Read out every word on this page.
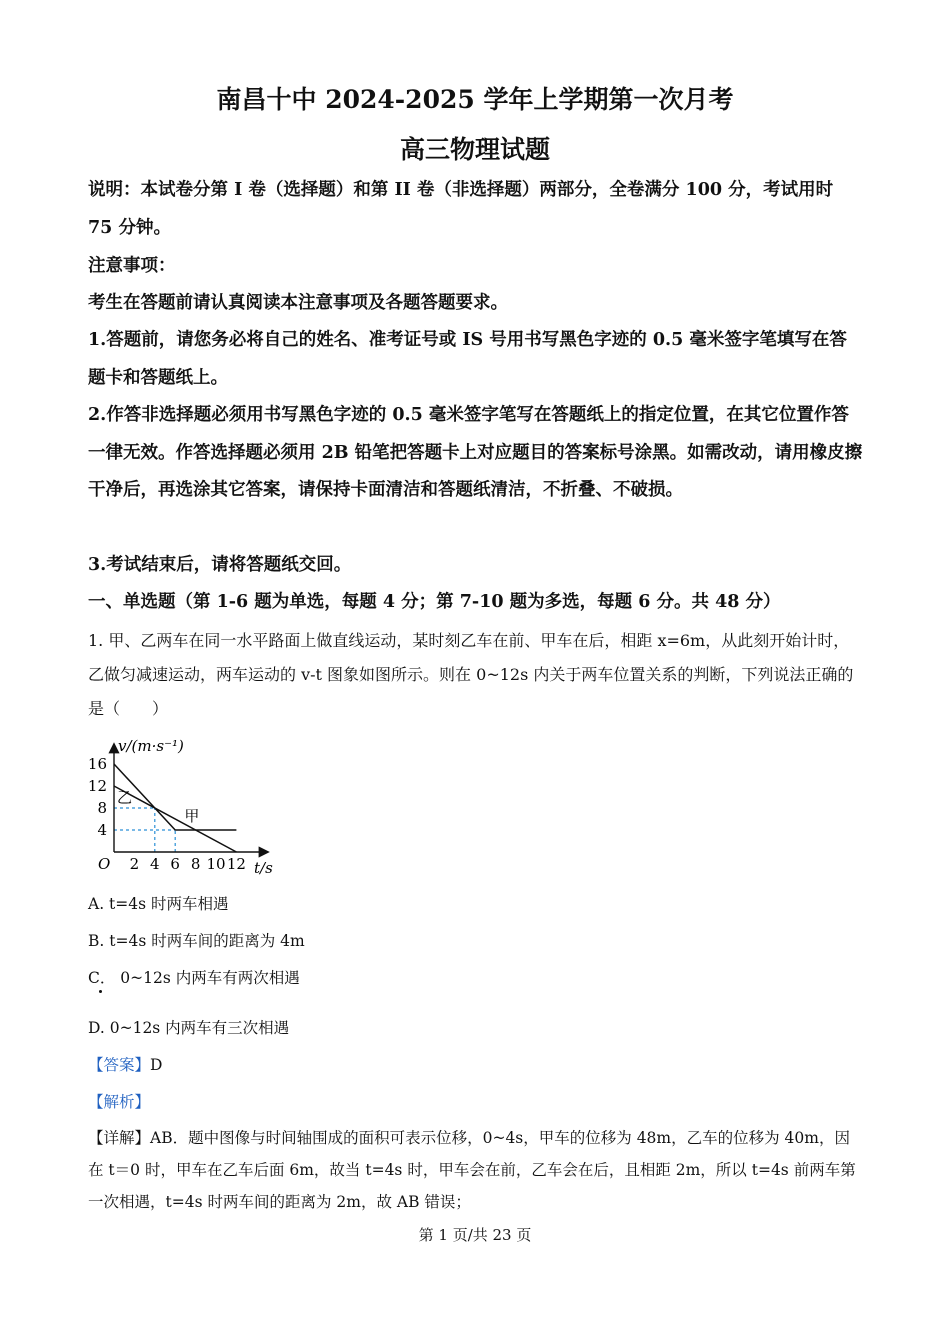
南昌十中 2024-2025 学年上学期第一次月考
高三物理试题
说明：本试卷分第 I 卷（选择题）和第 II 卷（非选择题）两部分，全卷满分 100 分，考试用时 75 分钟。
注意事项：
考生在答题前请认真阅读本注意事项及各题答题要求。
1.答题前，请您务必将自己的姓名、准考证号或 IS 号用书写黑色字迹的 0.5 毫米签字笔填写在答题卡和答题纸上。
2.作答非选择题必须用书写黑色字迹的 0.5 毫米签字笔写在答题纸上的指定位置，在其它位置作答一律无效。作答选择题必须用 2B 铅笔把答题卡上对应题目的答案标号涂黑。如需改动，请用橡皮擦干净后，再选涂其它答案，请保持卡面清洁和答题纸清洁，不折叠、不破损。
3.考试结束后，请将答题纸交回。
一、单选题（第 1-6 题为单选，每题 4 分；第 7-10 题为多选，每题 6 分。共 48 分）
1. 甲、乙两车在同一水平路面上做直线运动，某时刻乙车在前、甲车在后，相距 x=6m，从此刻开始计时，乙做匀减速运动，两车运动的 v-t 图象如图所示。则在 0~12s 内关于两车位置关系的判断，下列说法正确的是（　　）
甲
乙
2 4 6 8 10 12
4
8
12
16
v/(m·s⁻¹)
t/s
O
A. t=4s 时两车相遇
B. t=4s 时两车间的距离为 4m
C． 0~12s 内两车有两次相遇
D. 0~12s 内两车有三次相遇
【答案】D
【解析】
【详解】AB．题中图像与时间轴围成的面积可表示位移，0~4s，甲车的位移为 48m，乙车的位移为 40m，因在 t＝0 时，甲车在乙车后面 6m，故当 t=4s 时，甲车会在前，乙车会在后，且相距 2m，所以 t=4s 前两车第一次相遇，t=4s 时两车间的距离为 2m，故 AB 错误；
第 1 页/共 23 页
